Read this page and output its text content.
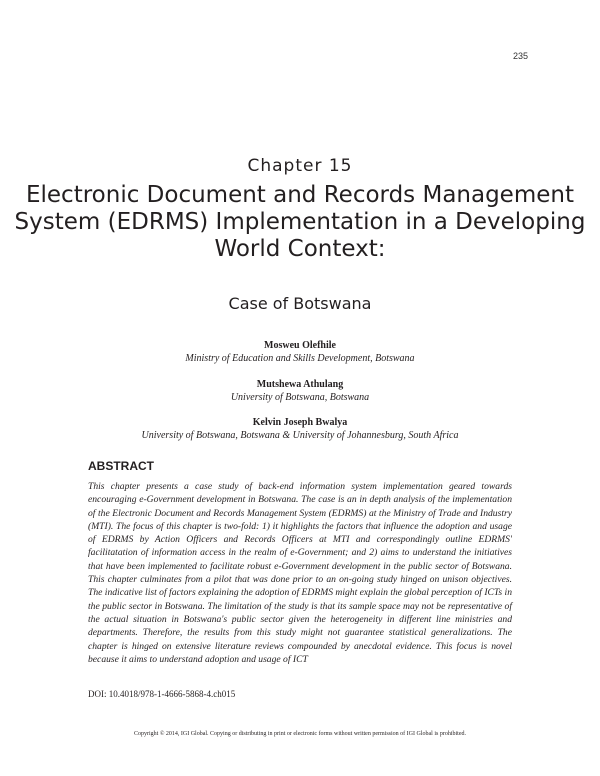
235
Chapter 15
Electronic Document and Records Management System (EDRMS) Implementation in a Developing World Context:
Case of Botswana
Mosweu Olefhile
Ministry of Education and Skills Development, Botswana
Mutshewa Athulang
University of Botswana, Botswana
Kelvin Joseph Bwalya
University of Botswana, Botswana & University of Johannesburg, South Africa
ABSTRACT
This chapter presents a case study of back-end information system implementation geared towards encouraging e-Government development in Botswana. The case is an in depth analysis of the implementation of the Electronic Document and Records Management System (EDRMS) at the Ministry of Trade and Industry (MTI). The focus of this chapter is two-fold: 1) it highlights the factors that influence the adoption and usage of EDRMS by Action Officers and Records Officers at MTI and correspondingly outline EDRMS' facilitatation of information access in the realm of e-Government; and 2) aims to understand the initiatives that have been implemented to facilitate robust e-Government development in the public sector of Botswana. This chapter culminates from a pilot that was done prior to an on-going study hinged on unison objectives. The indicative list of factors explaining the adoption of EDRMS might explain the global perception of ICTs in the public sector in Botswana. The limitation of the study is that its sample space may not be representative of the actual situation in Botswana's public sector given the heterogeneity in different line ministries and departments. Therefore, the results from this study might not guarantee statistical generalizations. The chapter is hinged on extensive literature reviews compounded by anecdotal evidence. This focus is novel because it aims to understand adoption and usage of ICT
DOI: 10.4018/978-1-4666-5868-4.ch015
Copyright © 2014, IGI Global. Copying or distributing in print or electronic forms without written permission of IGI Global is prohibited.
